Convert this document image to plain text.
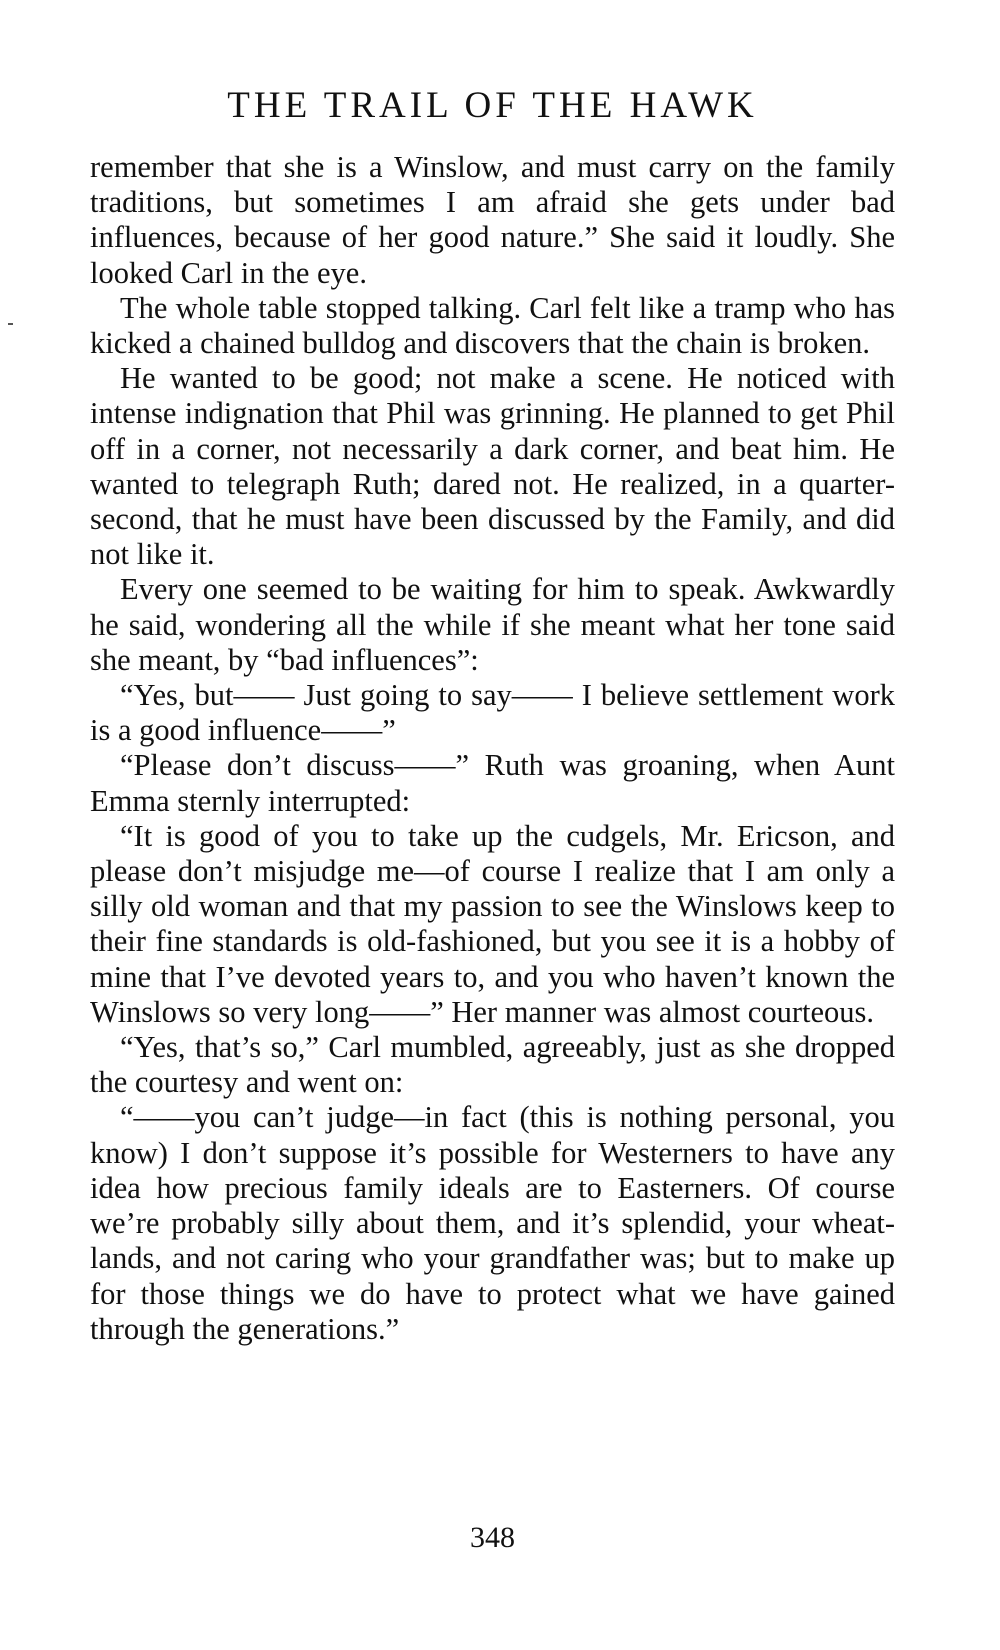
THE TRAIL OF THE HAWK

remember that she is a Winslow, and must carry on the family traditions, but sometimes I am afraid she gets under bad influences, because of her good nature.” She said it loudly. She looked Carl in the eye.

The whole table stopped talking. Carl felt like a tramp who has kicked a chained bulldog and discovers that the chain is broken.

He wanted to be good; not make a scene. He noticed with intense indignation that Phil was grinning. He planned to get Phil off in a corner, not necessarily a dark corner, and beat him. He wanted to telegraph Ruth; dared not. He realized, in a quarter-second, that he must have been discussed by the Family, and did not like it.

Every one seemed to be waiting for him to speak. Awkwardly he said, wondering all the while if she meant what her tone said she meant, by “bad influences”:

“Yes, but—— Just going to say—— I believe settlement work is a good influence——”

“Please don’t discuss——” Ruth was groaning, when Aunt Emma sternly interrupted:

“It is good of you to take up the cudgels, Mr. Ericson, and please don’t misjudge me—of course I realize that I am only a silly old woman and that my passion to see the Winslows keep to their fine standards is old-fashioned, but you see it is a hobby of mine that I’ve devoted years to, and you who haven’t known the Winslows so very long——” Her manner was almost courteous.

“Yes, that’s so,” Carl mumbled, agreeably, just as she dropped the courtesy and went on:

“——you can’t judge—in fact (this is nothing personal, you know) I don’t suppose it’s possible for Westerners to have any idea how precious family ideals are to Easterners. Of course we’re probably silly about them, and it’s splendid, your wheat-lands, and not caring who your grandfather was; but to make up for those things we do have to protect what we have gained through the generations.”

348
